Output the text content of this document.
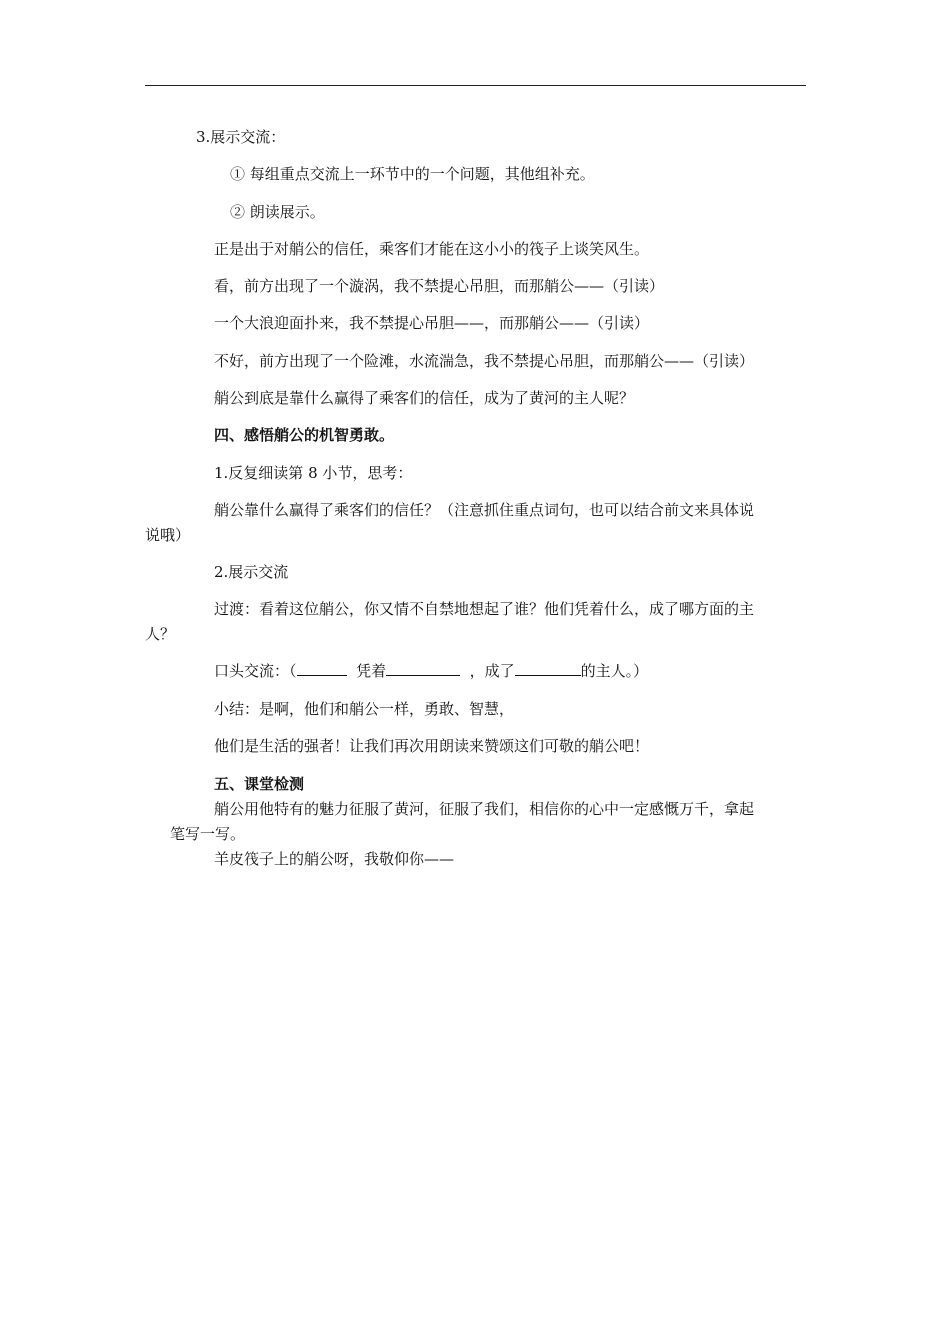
3.展示交流：
① 每组重点交流上一环节中的一个问题，其他组补充。
② 朗读展示。
正是出于对艄公的信任，乘客们才能在这小小的筏子上谈笑风生。
看，前方出现了一个漩涡，我不禁提心吊胆，而那艄公——（引读）
一个大浪迎面扑来，我不禁提心吊胆——，而那艄公——（引读）
不好，前方出现了一个险滩，水流湍急，我不禁提心吊胆，而那艄公——（引读）
艄公到底是靠什么赢得了乘客们的信任，成为了黄河的主人呢？
四、感悟艄公的机智勇敢。
1.反复细读第 8 小节，思考：
艄公靠什么赢得了乘客们的信任？（注意抓住重点词句，也可以结合前文来具体说
说哦）
2.展示交流
过渡：看着这位艄公，你又情不自禁地想起了谁？他们凭着什么，成了哪方面的主
人？
口头交流：（	凭着	，成了	的主人。）
小结：是啊，他们和艄公一样，勇敢、智慧，
他们是生活的强者！让我们再次用朗读来赞颂这们可敬的艄公吧！
五、课堂检测
艄公用他特有的魅力征服了黄河，征服了我们，相信你的心中一定感慨万千，拿起
笔写一写。
羊皮筏子上的艄公呀，我敬仰你——
